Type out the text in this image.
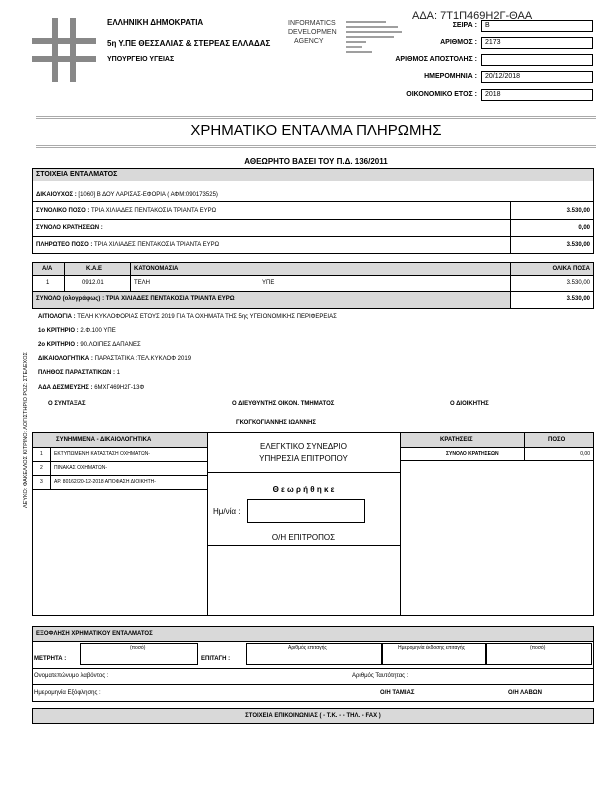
ΕΛΛΗΝΙΚΗ ΔΗΜΟΚΡΑΤΙΑ
5η Υ.ΠΕ ΘΕΣΣΑΛΙΑΣ & ΣΤΕΡΕΑΣ ΕΛΛΑΔΑΣ
ΥΠΟΥΡΓΕΙΟ ΥΓΕΙΑΣ
INFORMATICS
DEVELOPMEN
AGENCY
ΑΔΑ: 7Τ1Π469Η2Γ-ΘΑΑ
ΣΕΙΡΑ : Β
ΑΡΙΘΜΟΣ : 2173
ΑΡΙΘΜΟΣ ΑΠΟΣΤΟΛΗΣ :
ΗΜΕΡΟΜΗΝΙΑ : 20/12/2018
ΟΙΚΟΝΟΜΙΚΟ ΕΤΟΣ : 2018
ΧΡΗΜΑΤΙΚΟ ΕΝΤΑΛΜΑ ΠΛΗΡΩΜΗΣ
ΑΘΕΩΡΗΤΟ ΒΑΣΕΙ ΤΟΥ Π.Δ. 136/2011
ΣΤΟΙΧΕΙΑ ΕΝΤΑΛΜΑΤΟΣ
ΔΙΚΑΙΟΥΧΟΣ : [1060] Β ΔΟΥ ΛΑΡΙΣΑΣ-ΕΦΟΡΙΑ ( ΑΦΜ:090173525)
ΣΥΝΟΛΙΚΟ ΠΟΣΟ : ΤΡΙΑ ΧΙΛΙΑΔΕΣ ΠΕΝΤΑΚΟΣΙΑ ΤΡΙΑΝΤΑ ΕΥΡΩ	3.530,00
ΣΥΝΟΛΟ ΚΡΑΤΗΣΕΩΝ :	0,00
ΠΛΗΡΩΤΕΟ ΠΟΣΟ : ΤΡΙΑ ΧΙΛΙΑΔΕΣ ΠΕΝΤΑΚΟΣΙΑ ΤΡΙΑΝΤΑ ΕΥΡΩ	3.530,00
Α/Α	Κ.Α.Ε	ΚΑΤΟΝΟΜΑΣΙΑ	ΟΛΙΚΑ ΠΟΣΑ
1	0912.01	ΤΕΛΗ	ΥΠΕ	3.530,00
ΣΥΝΟΛΟ (ολογράφως) : ΤΡΙΑ ΧΙΛΙΑΔΕΣ ΠΕΝΤΑΚΟΣΙΑ ΤΡΙΑΝΤΑ ΕΥΡΩ	3.530,00
ΑΙΤΙΟΛΟΓΙΑ : ΤΕΛΗ ΚΥΚΛΟΦΟΡΙΑΣ ΕΤΟΥΣ 2019 ΓΙΑ ΤΑ ΟΧΗΜΑΤΑ ΤΗΣ 5ης ΥΓΕΙΟΝΟΜΙΚΗΣ ΠΕΡΙΦΕΡΕΙΑΣ
1ο ΚΡΙΤΗΡΙΟ : 2.Φ.100 ΥΠΕ
2ο ΚΡΙΤΗΡΙΟ : 90.ΛΟΙΠΕΣ ΔΑΠΑΝΕΣ
ΔΙΚΑΙΟΛΟΓΗΤΙΚΑ : ΠΑΡΑΣΤΑΤΙΚΑ :ΤΕΛ.ΚΥΚΛΟΦ 2019
ΠΛΗΘΟΣ ΠΑΡΑΣΤΑΤΙΚΩΝ : 1
ΑΔΑ ΔΕΣΜΕΥΣΗΣ : 6ΜΧΓ469Η2Γ-13Φ
Ο ΣΥΝΤΑΞΑΣ	Ο ΔΙΕΥΘΥΝΤΗΣ ΟΙΚΟΝ. ΤΜΗΜΑΤΟΣ	Ο ΔΙΟΙΚΗΤΗΣ
ΓΚΟΓΚΟΓΙΑΝΝΗΣ ΙΩΑΝΝΗΣ
ΣΥΝΗΜΜΕΝΑ - ΔΙΚΑΙΟΛΟΓΗΤΙΚΑ
1 ΕΚΤΥΠΩΜΕΝΗ ΚΑΤΑΣΤΑΣΗ ΟΧΗΜΑΤΩΝ-
2 ΠΙΝΑΚΑΣ ΟΧΗΜΑΤΩΝ-
3 ΑΡ. 80162/20-12-2018 ΑΠΟΦΑΣΗ ΔΙΟΙΚΗΤΗ-
ΕΛΕΓΚΤΙΚΟ ΣΥΝΕΔΡΙΟ
ΥΠΗΡΕΣΙΑ ΕΠΙΤΡΟΠΟΥ
Θ ε ω ρ ή θ η κ ε
Ημ/νία :
Ο/Η ΕΠΙΤΡΟΠΟΣ
ΚΡΑΤΗΣΕΙΣ	ΠΟΣΟ
ΣΥΝΟΛΟ ΚΡΑΤΗΣΕΩΝ	0,00
ΕΞΟΦΛΗΣΗ ΧΡΗΜΑΤΙΚΟΥ ΕΝΤΑΛΜΑΤΟΣ
ΜΕΤΡΗΤΑ :
(ποσό)
ΕΠΙΤΑΓΗ :
Αριθμός επιταγής	Ημερομηνία έκδοσης επιταγής	(ποσό)
Ονοματεπώνυμο λαβόντος :	Αριθμός Ταυτότητας :
Ημερομηνία Εξόφλησης :	Ο/Η ΤΑΜΙΑΣ	Ο/Η ΛΑΒΩΝ
ΣΤΟΙΧΕΙΑ ΕΠΙΚΟΙΝΩΝΙΑΣ ( - Τ.Κ. - - ΤΗΛ. - FAX )
ΛΕΥΚΟ: ΦΑΚΕΛΛΟΣ ΚΙΤΡΙΝΟ: ΛΟΓΙΣΤΗΡΙΟ ΡΟΖ: ΣΤΕΛΕΧΟΣ
